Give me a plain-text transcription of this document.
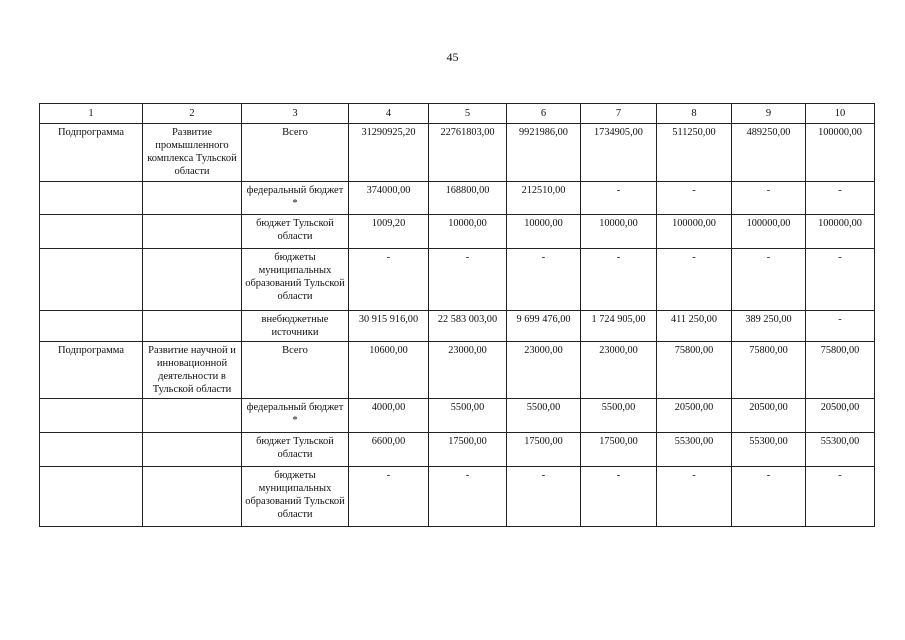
45
1	2	3	4	5	6	7	8	9	10
Подпрограмма	Развитие промышленного комплекса Тульской области	Всего	31290925,20	22761803,00	9921986,00	1734905,00	511250,00	489250,00	100000,00
		федеральный бюджет *	374000,00	168800,00	212510,00	-	-	-	-
		бюджет Тульской области	1009,20	10000,00	10000,00	10000,00	100000,00	100000,00	100000,00
		бюджеты муниципальных образований Тульской области	-	-	-	-	-	-	-
		внебюджетные источники	30 915 916,00	22 583 003,00	9 699 476,00	1 724 905,00	411 250,00	389 250,00	-
Подпрограмма	Развитие научной и инновационной деятельности в Тульской области	Всего	10600,00	23000,00	23000,00	23000,00	75800,00	75800,00	75800,00
		федеральный бюджет *	4000,00	5500,00	5500,00	5500,00	20500,00	20500,00	20500,00
		бюджет Тульской области	6600,00	17500,00	17500,00	17500,00	55300,00	55300,00	55300,00
		бюджеты муниципальных образований Тульской области	-	-	-	-	-	-	-
